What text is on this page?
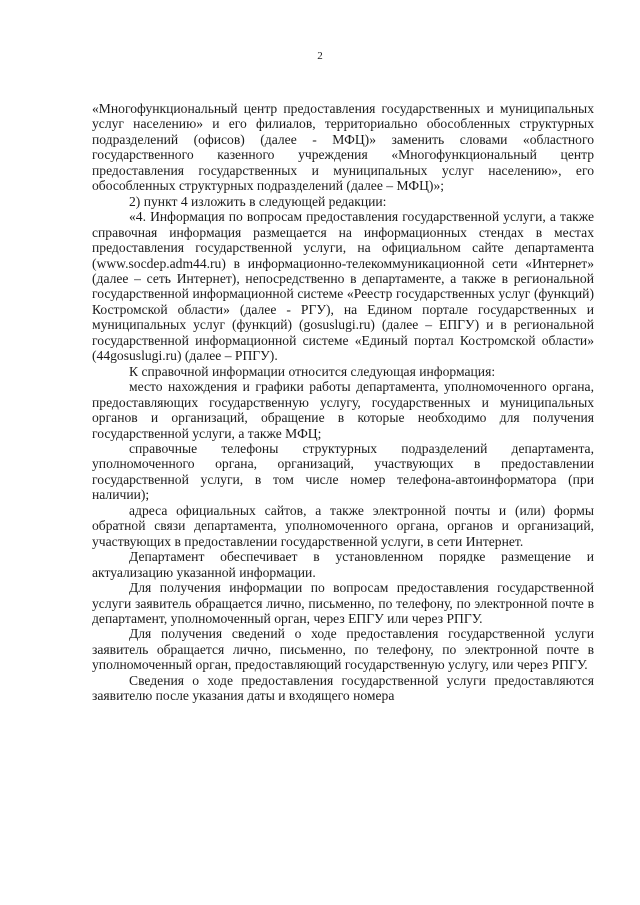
2

«Многофункциональный центр предоставления государственных и муниципальных услуг населению» и его филиалов, территориально обособленных структурных подразделений (офисов) (далее - МФЦ)» заменить словами «областного государственного казенного учреждения «Многофункциональный центр предоставления государственных и муниципальных услуг населению», его обособленных структурных подразделений (далее – МФЦ)»;

2) пункт 4 изложить в следующей редакции:

«4. Информация по вопросам предоставления государственной услуги, а также справочная информация размещается на информационных стендах в местах предоставления государственной услуги, на официальном сайте департамента (www.socdep.adm44.ru) в информационно-телекоммуникационной сети «Интернет» (далее – сеть Интернет), непосредственно в департаменте, а также в региональной государственной информационной системе «Реестр государственных услуг (функций) Костромской области» (далее - РГУ), на Едином портале государственных и муниципальных услуг (функций) (gosuslugi.ru) (далее – ЕПГУ) и в региональной государственной информационной системе «Единый портал Костромской области» (44gosuslugi.ru) (далее – РПГУ).

К справочной информации относится следующая информация:

место нахождения и графики работы департамента, уполномоченного органа, предоставляющих государственную услугу, государственных и муниципальных органов и организаций, обращение в которые необходимо для получения государственной услуги, а также МФЦ;

справочные телефоны структурных подразделений департамента, уполномоченного органа, организаций, участвующих в предоставлении государственной услуги, в том числе номер телефона-автоинформатора (при наличии);

адреса официальных сайтов, а также электронной почты и (или) формы обратной связи департамента, уполномоченного органа, органов и организаций, участвующих в предоставлении государственной услуги, в сети Интернет.

Департамент обеспечивает в установленном порядке размещение и актуализацию указанной информации.

Для получения информации по вопросам предоставления государственной услуги заявитель обращается лично, письменно, по телефону, по электронной почте в департамент, уполномоченный орган, через ЕПГУ или через РПГУ.

Для получения сведений о ходе предоставления государственной услуги заявитель обращается лично, письменно, по телефону, по электронной почте в уполномоченный орган, предоставляющий государственную услугу, или через РПГУ.

Сведения о ходе предоставления государственной услуги предоставляются заявителю после указания даты и входящего номера
